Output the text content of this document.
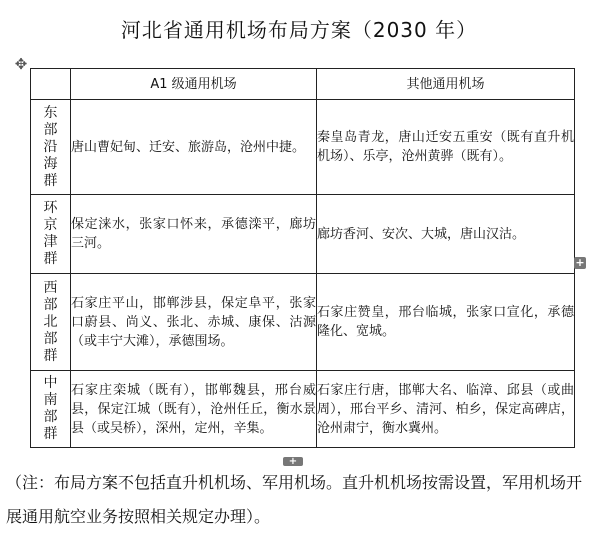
河北省通用机场布局方案（2030 年）
✥
	A1 级通用机场	其他通用机场

东部沿海群	唐山曹妃甸、迁安、旅游岛，沧州中捷。	秦皇岛青龙，唐山迁安五重安（既有直升机机场）、乐亭，沧州黄骅（既有）。

环京津群	保定涞水，张家口怀来，承德滦平，廊坊三河。	廊坊香河、安次、大城，唐山汉沽。

西部北部群	石家庄平山，邯郸涉县，保定阜平，张家口蔚县、尚义、张北、赤城、康保、沽源（或丰宁大滩），承德围场。	石家庄赞皇，邢台临城，张家口宣化，承德隆化、宽城。

中南部群	石家庄栾城（既有），邯郸魏县，邢台威县，保定江城（既有），沧州任丘，衡水景县（或吴桥），深州，定州，辛集。	石家庄行唐，邯郸大名、临漳、邱县（或曲周），邢台平乡、清河、柏乡，保定高碑店，沧州肃宁，衡水冀州。
+
+
（注：布局方案不包括直升机机场、军用机场。直升机机场按需设置，军用机场开展通用航空业务按照相关规定办理）。
